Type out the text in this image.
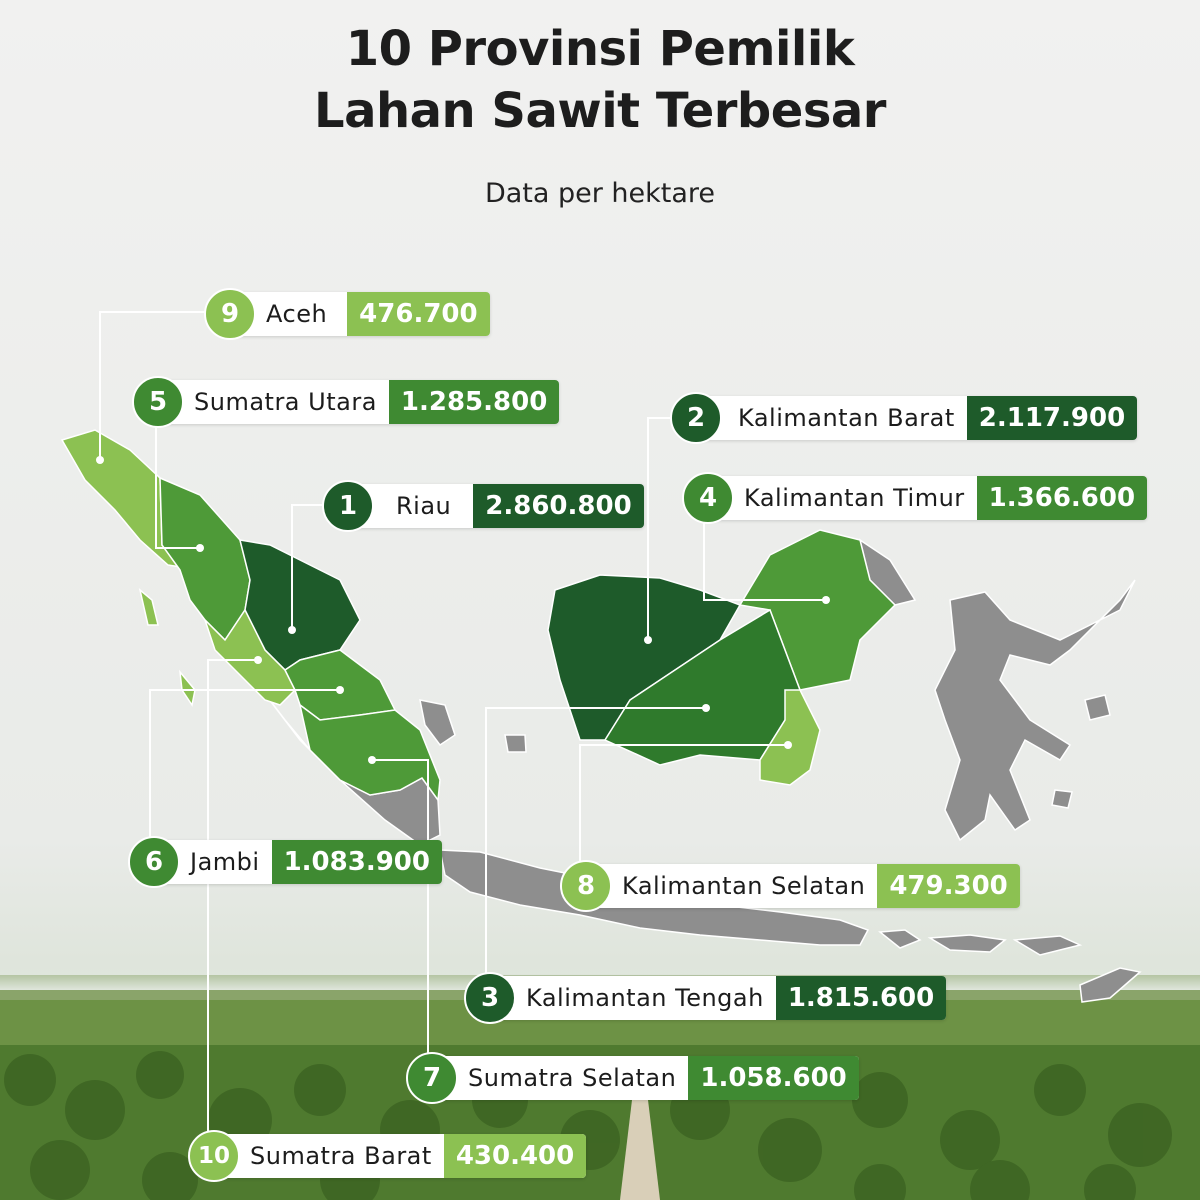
10 Provinsi Pemilik
Lahan Sawit Terbesar
Data per hektare
9	Aceh	476.700
5	Sumatra Utara 1.285.800
1	Riau	2.860.800
2	Kalimantan Barat 2.117.900
4	Kalimantan Timur 1.366.600
6	Jambi 1.083.900
8	Kalimantan Selatan 479.300
3	Kalimantan Tengah 1.815.600
7	Sumatra Selatan 1.058.600
10 Sumatra Barat 430.400
